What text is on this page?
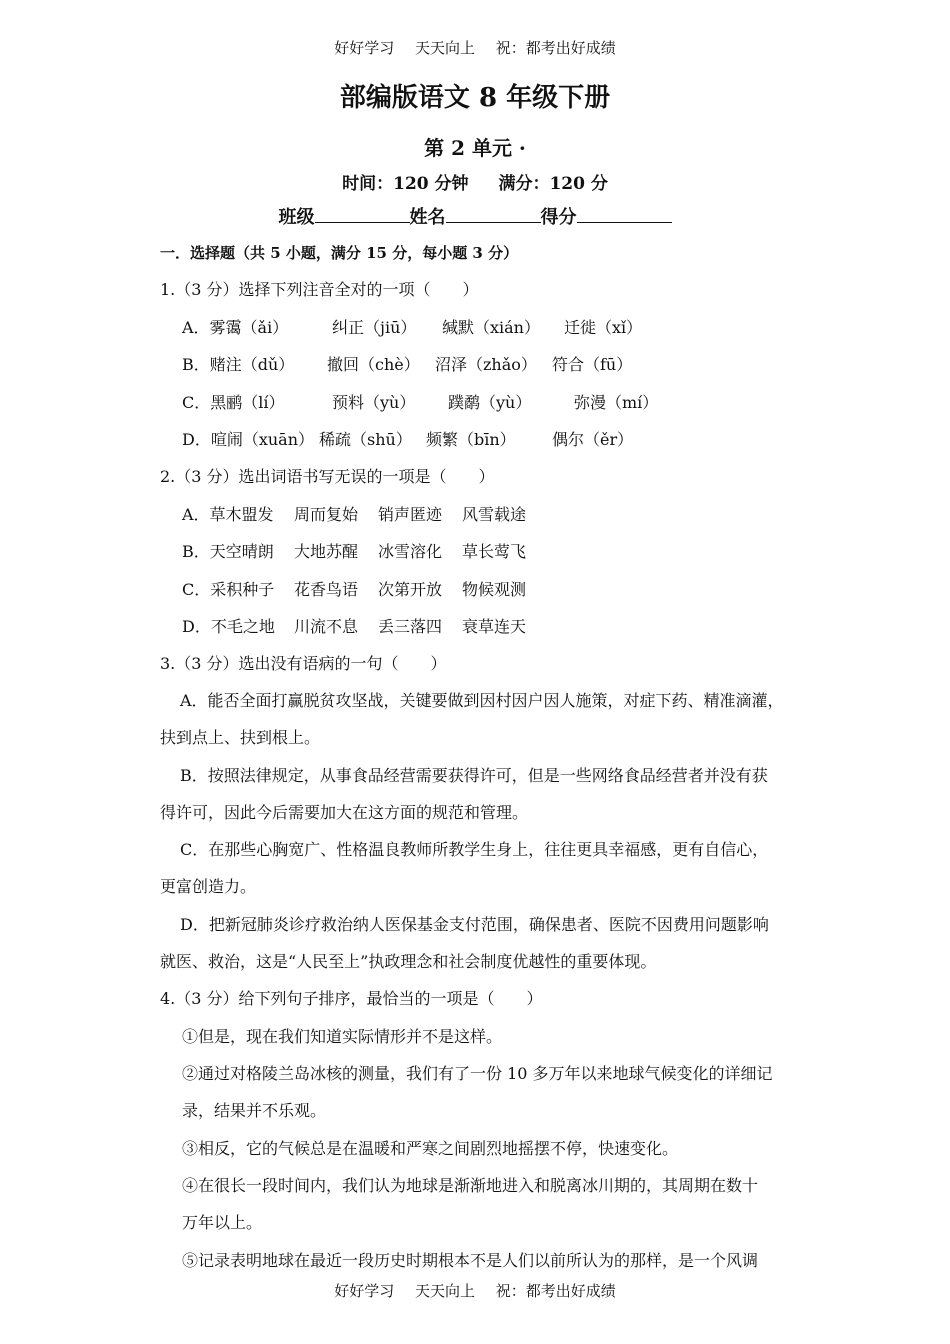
好好学习 天天向上 祝：都考出好成绩
部编版语文 8 年级下册
第 2 单元 ·
时间：120 分钟 满分：120 分
班级	姓名	得分
一．选择题（共 5 小题，满分 15 分，每小题 3 分）
1.（3 分）选择下列注音全对的一项（　　）
A．雾霭（ǎi）	纠正（jiū） 缄默（xián） 迁徙（xǐ）
B．赌注（dǔ） 撤回（chè） 沼泽（zhǎo） 符合（fū）
C．黑鹂（lí）	预料（yù） 蹼鹬（yù）	弥漫（mí）
D．喧闹（xuān） 稀疏（shū） 频繁（bīn） 偶尔（ěr）
2.（3 分）选出词语书写无误的一项是（　　）
A．草木盟发 周而复始 销声匿迹 风雪载途
B．天空晴朗 大地苏醒 冰雪溶化 草长莺飞
C．采积种子 花香鸟语 次第开放 物候观测
D．不毛之地 川流不息 丢三落四 衰草连天
3.（3 分）选出没有语病的一句（　　）
A．能否全面打赢脱贫攻坚战，关键要做到因村因户因人施策，对症下药、精准滴灌，
扶到点上、扶到根上。
B．按照法律规定，从事食品经营需要获得许可，但是一些网络食品经营者并没有获
得许可，因此今后需要加大在这方面的规范和管理。
C．在那些心胸宽广、性格温良教师所教学生身上，往往更具幸福感，更有自信心，
更富创造力。
D．把新冠肺炎诊疗救治纳人医保基金支付范围，确保患者、医院不因费用问题影响
就医、救治，这是“人民至上”执政理念和社会制度优越性的重要体现。
4.（3 分）给下列句子排序，最恰当的一项是（　　）
①但是，现在我们知道实际情形并不是这样。
②通过对格陵兰岛冰核的测量，我们有了一份 10 多万年以来地球气候变化的详细记
录，结果并不乐观。
③相反，它的气候总是在温暖和严寒之间剧烈地摇摆不停，快速变化。
④在很长一段时间内，我们认为地球是渐渐地进入和脱离冰川期的，其周期在数十
万年以上。
⑤记录表明地球在最近一段历史时期根本不是人们以前所认为的那样，是一个风调
好好学习 天天向上 祝：都考出好成绩
